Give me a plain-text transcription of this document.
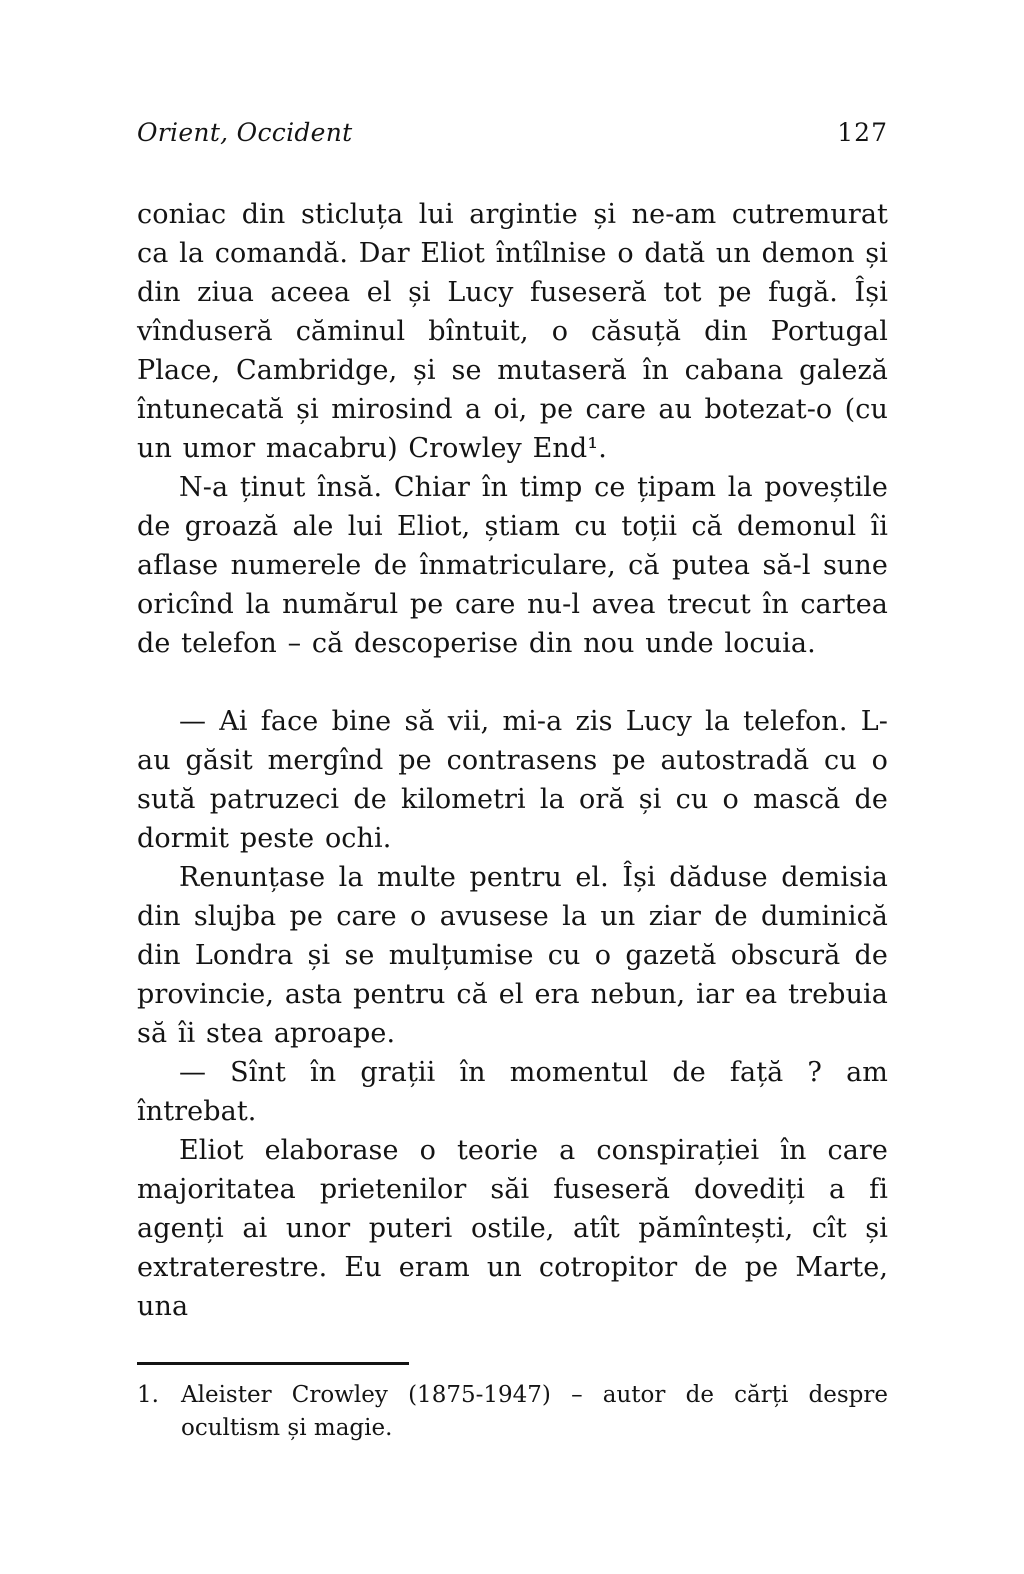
Orient, Occident	127

coniac din sticluța lui argintie și ne-am cutremurat ca la comandă. Dar Eliot întîlnise o dată un demon și din ziua aceea el și Lucy fuseseră tot pe fugă. Își vînduseră căminul bîntuit, o căsuță din Portugal Place, Cambridge, și se mutaseră în cabana galeză întunecată și mirosind a oi, pe care au botezat-o (cu un umor macabru) Crowley End¹.

N-a ținut însă. Chiar în timp ce țipam la poveștile de groază ale lui Eliot, știam cu toții că demonul îi aflase numerele de înmatriculare, că putea să-l sune oricînd la numărul pe care nu-l avea trecut în cartea de telefon – că descoperise din nou unde locuia.

— Ai face bine să vii, mi-a zis Lucy la telefon. L-au găsit mergînd pe contrasens pe autostradă cu o sută patruzeci de kilometri la oră și cu o mască de dormit peste ochi.

Renunțase la multe pentru el. Își dăduse demisia din slujba pe care o avusese la un ziar de duminică din Londra și se mulțumise cu o gazetă obscură de provincie, asta pentru că el era nebun, iar ea trebuia să îi stea aproape.

— Sînt în grații în momentul de față ? am întrebat.

Eliot elaborase o teorie a conspirației în care majoritatea prietenilor săi fuseseră dovediți a fi agenți ai unor puteri ostile, atît pămîntești, cît și extraterestre. Eu eram un cotropitor de pe Marte, una

1. Aleister Crowley (1875-1947) – autor de cărți despre ocultism și magie.
